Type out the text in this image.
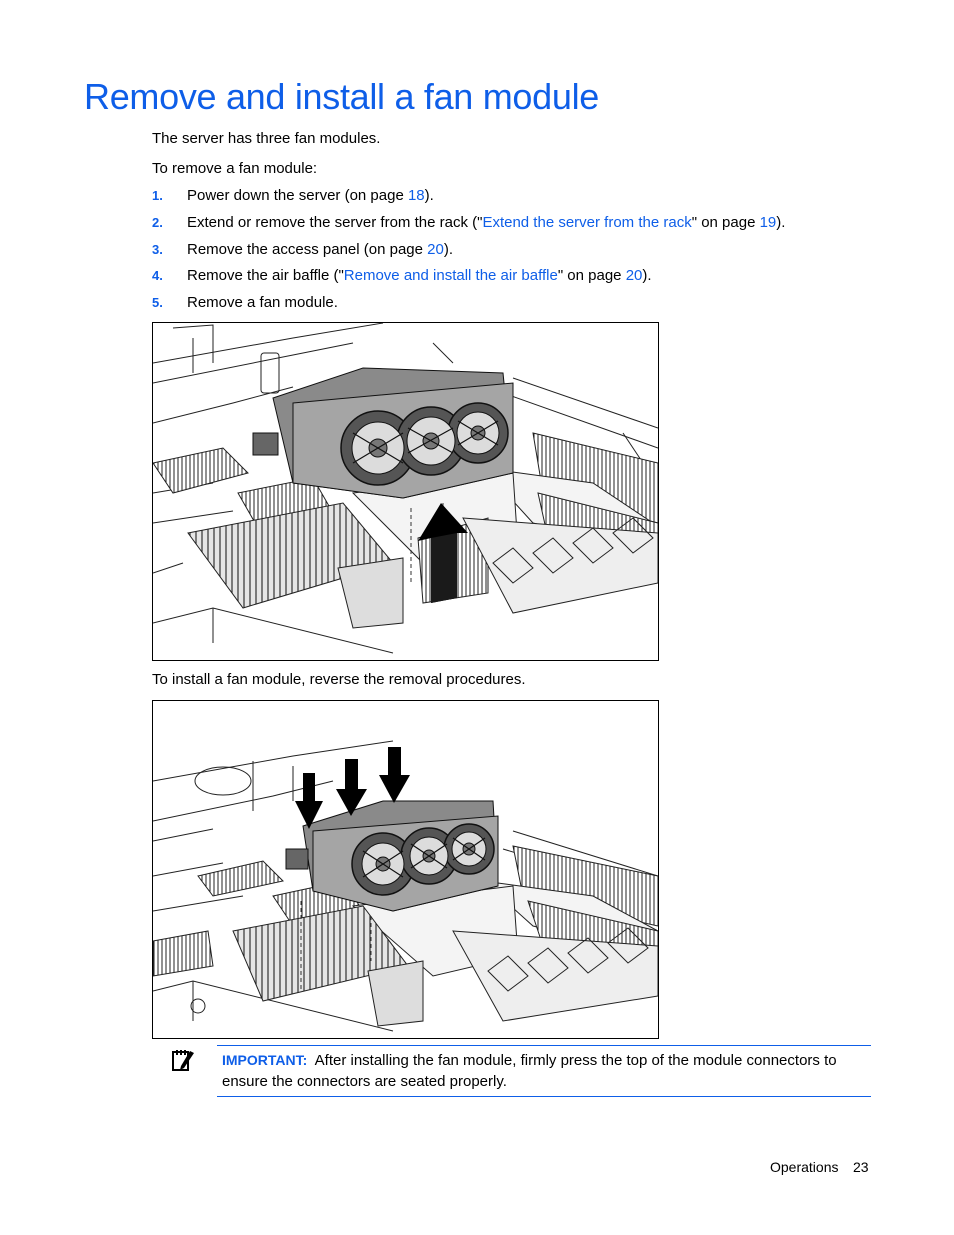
Remove and install a fan module

The server has three fan modules.

To remove a fan module:

1. Power down the server (on page 18).
2. Extend or remove the server from the rack ("Extend the server from the rack" on page 19).
3. Remove the access panel (on page 20).
4. Remove the air baffle ("Remove and install the air baffle" on page 20).
5. Remove a fan module.

To install a fan module, reverse the removal procedures.

IMPORTANT: After installing the fan module, firmly press the top of the module connectors to ensure the connectors are seated properly.
Operations 23
